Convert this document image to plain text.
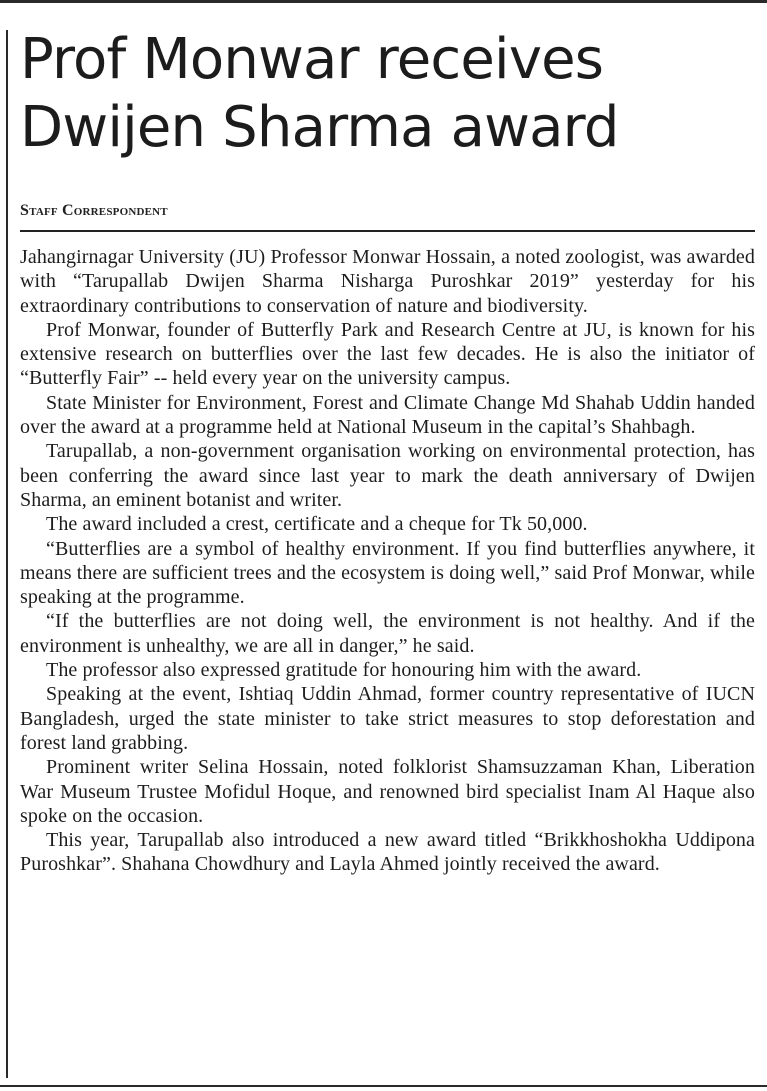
Prof Monwar receives Dwijen Sharma award
Staff Correspondent

Jahangirnagar University (JU) Professor Monwar Hossain, a noted zoologist, was awarded with “Tarupallab Dwijen Sharma Nisharga Puroshkar 2019” yesterday for his extraordinary contributions to conservation of nature and biodiversity.

Prof Monwar, founder of Butterfly Park and Research Centre at JU, is known for his extensive research on butterflies over the last few decades. He is also the initiator of “Butterfly Fair” -- held every year on the university campus.

State Minister for Environment, Forest and Climate Change Md Shahab Uddin handed over the award at a programme held at National Museum in the capital’s Shahbagh.

Tarupallab, a non-government organisation working on environmental protection, has been conferring the award since last year to mark the death anniversary of Dwijen Sharma, an eminent botanist and writer.

The award included a crest, certificate and a cheque for Tk 50,000.

“Butterflies are a symbol of healthy environment. If you find butterflies anywhere, it means there are sufficient trees and the ecosystem is doing well,” said Prof Monwar, while speaking at the programme.

“If the butterflies are not doing well, the environment is not healthy. And if the environment is unhealthy, we are all in danger,” he said.

The professor also expressed gratitude for honouring him with the award.

Speaking at the event, Ishtiaq Uddin Ahmad, former country representative of IUCN Bangladesh, urged the state minister to take strict measures to stop deforestation and forest land grabbing.

Prominent writer Selina Hossain, noted folklorist Shamsuzzaman Khan, Liberation War Museum Trustee Mofidul Hoque, and renowned bird specialist Inam Al Haque also spoke on the occasion.

This year, Tarupallab also introduced a new award titled “Brikkhoshokha Uddipona Puroshkar”. Shahana Chowdhury and Layla Ahmed jointly received the award.
